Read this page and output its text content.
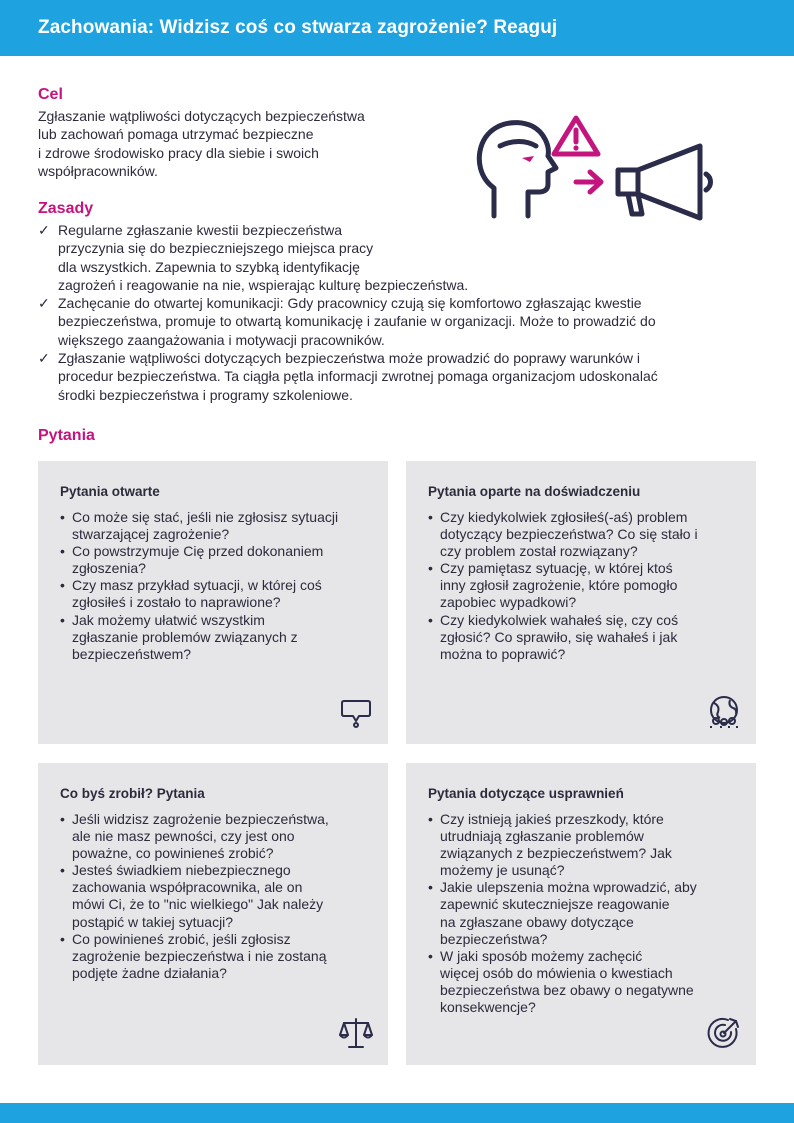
Zachowania: Widzisz coś co stwarza zagrożenie? Reaguj
Cel
Zgłaszanie wątpliwości dotyczących bezpieczeństwa
lub zachowań pomaga utrzymać bezpieczne
i zdrowe środowisko pracy dla siebie i swoich
współpracowników.
Zasady
✓ Regularne zgłaszanie kwestii bezpieczeństwa
przyczynia się do bezpieczniejszego miejsca pracy
dla wszystkich. Zapewnia to szybką identyfikację
zagrożeń i reagowanie na nie, wspierając kulturę bezpieczeństwa.
✓ Zachęcanie do otwartej komunikacji: Gdy pracownicy czują się komfortowo zgłaszając kwestie
bezpieczeństwa, promuje to otwartą komunikację i zaufanie w organizacji. Może to prowadzić do
większego zaangażowania i motywacji pracowników.
✓ Zgłaszanie wątpliwości dotyczących bezpieczeństwa może prowadzić do poprawy warunków i
procedur bezpieczeństwa. Ta ciągła pętla informacji zwrotnej pomaga organizacjom udoskonalać
środki bezpieczeństwa i programy szkoleniowe.
Pytania
Pytania otwarte
• Co może się stać, jeśli nie zgłosisz sytuacji
stwarzającej zagrożenie?
• Co powstrzymuje Cię przed dokonaniem
zgłoszenia?
• Czy masz przykład sytuacji, w której coś
zgłosiłeś i zostało to naprawione?
• Jak możemy ułatwić wszystkim
zgłaszanie problemów związanych z
bezpieczeństwem?
Pytania oparte na doświadczeniu
• Czy kiedykolwiek zgłosiłeś(-aś) problem
dotyczący bezpieczeństwa? Co się stało i
czy problem został rozwiązany?
• Czy pamiętasz sytuację, w której ktoś
inny zgłosił zagrożenie, które pomogło
zapobiec wypadkowi?
• Czy kiedykolwiek wahałeś się, czy coś
zgłosić? Co sprawiło, się wahałeś i jak
można to poprawić?
Co byś zrobił? Pytania
• Jeśli widzisz zagrożenie bezpieczeństwa,
ale nie masz pewności, czy jest ono
poważne, co powinieneś zrobić?
• Jesteś świadkiem niebezpiecznego
zachowania współpracownika, ale on
mówi Ci, że to "nic wielkiego" Jak należy
postąpić w takiej sytuacji?
• Co powinieneś zrobić, jeśli zgłosisz
zagrożenie bezpieczeństwa i nie zostaną
podjęte żadne działania?
Pytania dotyczące usprawnień
• Czy istnieją jakieś przeszkody, które
utrudniają zgłaszanie problemów
związanych z bezpieczeństwem? Jak
możemy je usunąć?
• Jakie ulepszenia można wprowadzić, aby
zapewnić skuteczniejsze reagowanie
na zgłaszane obawy dotyczące
bezpieczeństwa?
• W jaki sposób możemy zachęcić
więcej osób do mówienia o kwestiach
bezpieczeństwa bez obawy o negatywne
konsekwencje?
